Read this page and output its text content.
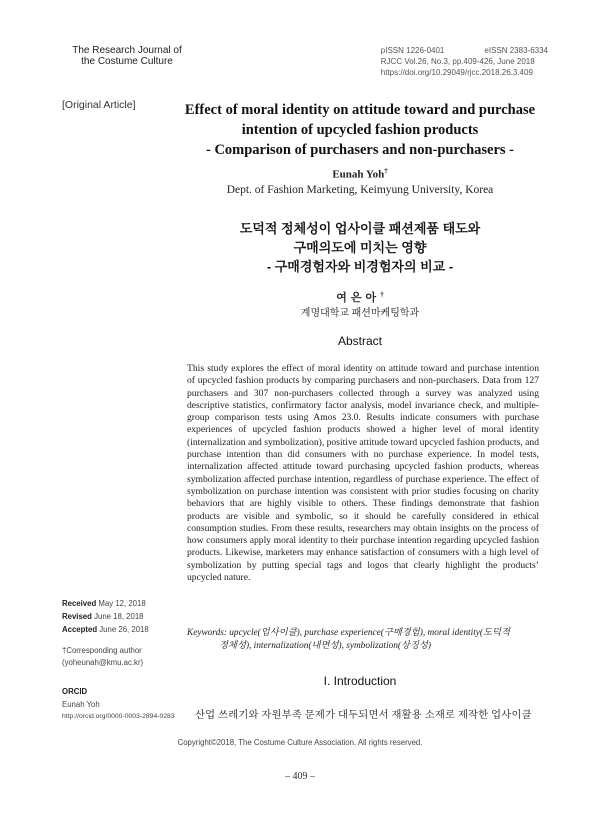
The Research Journal of
the Costume Culture
pISSN 1226-0401	eISSN 2383-6334
RJCC Vol.26, No.3, pp.409-426, June 2018
https://doi.org/10.29049/rjcc.2018.26.3.409
[Original Article]	Effect of moral identity on attitude toward and purchase
intention of upcycled fashion products
- Comparison of purchasers and non-purchasers -
Eunah Yoh†
Dept. of Fashion Marketing, Keimyung University, Korea
도덕적 정체성이 업사이클 패션제품 태도와
구매의도에 미치는 영향
- 구매경험자와 비경험자의 비교 -
여은아†
계명대학교 패션마케팅학과
Abstract
This study explores the effect of moral identity on attitude toward and purchase intention of upcycled fashion products by comparing purchasers and non-purchasers. Data from 127 purchasers and 307 non-purchasers collected through a survey was analyzed using descriptive statistics, confirmatory factor analysis, model invariance check, and multiple-group comparison tests using Amos 23.0. Results indicate consumers with purchase experiences of upcycled fashion products showed a higher level of moral identity (internalization and symbolization), positive attitude toward upcycled fashion products, and purchase intention than did consumers with no purchase experience. In model tests, internalization affected attitude toward purchasing upcycled fashion products, whereas symbolization affected purchase intention, regardless of purchase experience. The effect of symbolization on purchase intention was consistent with prior studies focusing on charity behaviors that are highly visible to others. These findings demonstrate that fashion products are visible and symbolic, so it should be carefully considered in ethical consumption studies. From these results, researchers may obtain insights on the process of how consumers apply moral identity to their purchase intention regarding upcycled fashion products. Likewise, marketers may enhance satisfaction of consumers with a high level of symbolization by putting special tags and logos that clearly highlight the products’ upcycled nature.
Keywords: upcycle(업사이클), purchase experience(구매경험), moral identity(도덕적
정체성), internalization(내면성), symbolization(상징성)
Received May 12, 2018
Revised June 18, 2018
Accepted June 26, 2018
†Corresponding author
(yohеunah@kmu.ac.kr)
ORCID
Eunah Yoh
http://orcid.org/0000-0003-2894-0283
I. Introduction
산업 쓰레기와 자원부족 문제가 대두되면서 재활용 소재로 제작한 업사이클
Copyright©2018, The Costume Culture Association. All rights reserved.
– 409 –
